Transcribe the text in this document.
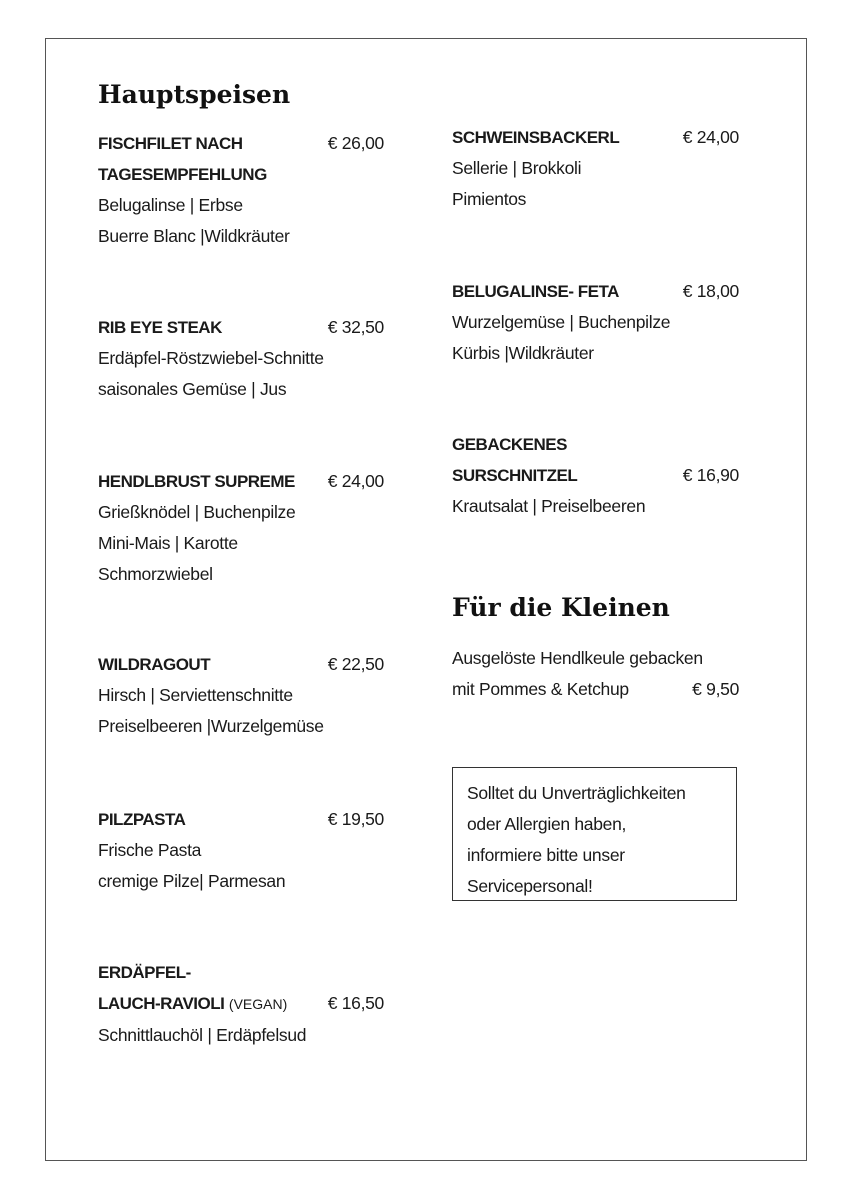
Hauptspeisen
FISCHFILET NACH
TAGESEMPFEHLUNG
Belugalinse | Erbse
Buerre Blanc |Wildkräuter
€ 26,00
RIB EYE STEAK
Erdäpfel-Röstzwiebel-Schnitte
saisonales Gemüse | Jus
€ 32,50
HENDLBRUST SUPREME
Grießknödel | Buchenpilze
Mini-Mais | Karotte
Schmorzwiebel
€ 24,00
WILDRAGOUT
Hirsch | Serviettenschnitte
Preiselbeeren |Wurzelgemüse
€ 22,50
PILZPASTA
Frische Pasta
cremige Pilze| Parmesan
€ 19,50
ERDÄPFEL-
LAUCH-RAVIOLI (VEGAN) € 16,50
Schnittlauchöl | Erdäpfelsud
SCHWEINSBACKERL
Sellerie | Brokkoli
Pimientos
€ 24,00
BELUGALINSE- FETA
Wurzelgemüse | Buchenpilze
Kürbis |Wildkräuter
€ 18,00
GEBACKENES
SURSCHNITZEL	€ 16,90
Krautsalat | Preiselbeeren
Für die Kleinen
Ausgelöste Hendlkeule gebacken
mit Pommes & Ketchup	€ 9,50
Solltet du Unverträglichkeiten
oder Allergien haben,
informiere bitte unser
Servicepersonal!
